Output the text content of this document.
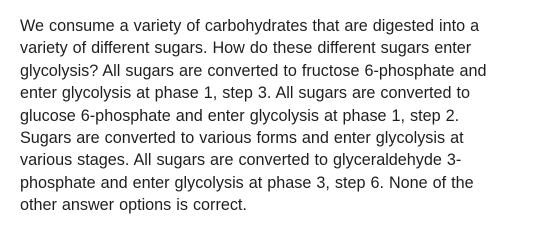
We consume a variety of carbohydrates that are digested into a
variety of different sugars. How do these different sugars enter
glycolysis? All sugars are converted to fructose 6-phosphate and
enter glycolysis at phase 1, step 3. All sugars are converted to
glucose 6-phosphate and enter glycolysis at phase 1, step 2.
Sugars are converted to various forms and enter glycolysis at
various stages. All sugars are converted to glyceraldehyde 3-
phosphate and enter glycolysis at phase 3, step 6. None of the
other answer options is correct.
